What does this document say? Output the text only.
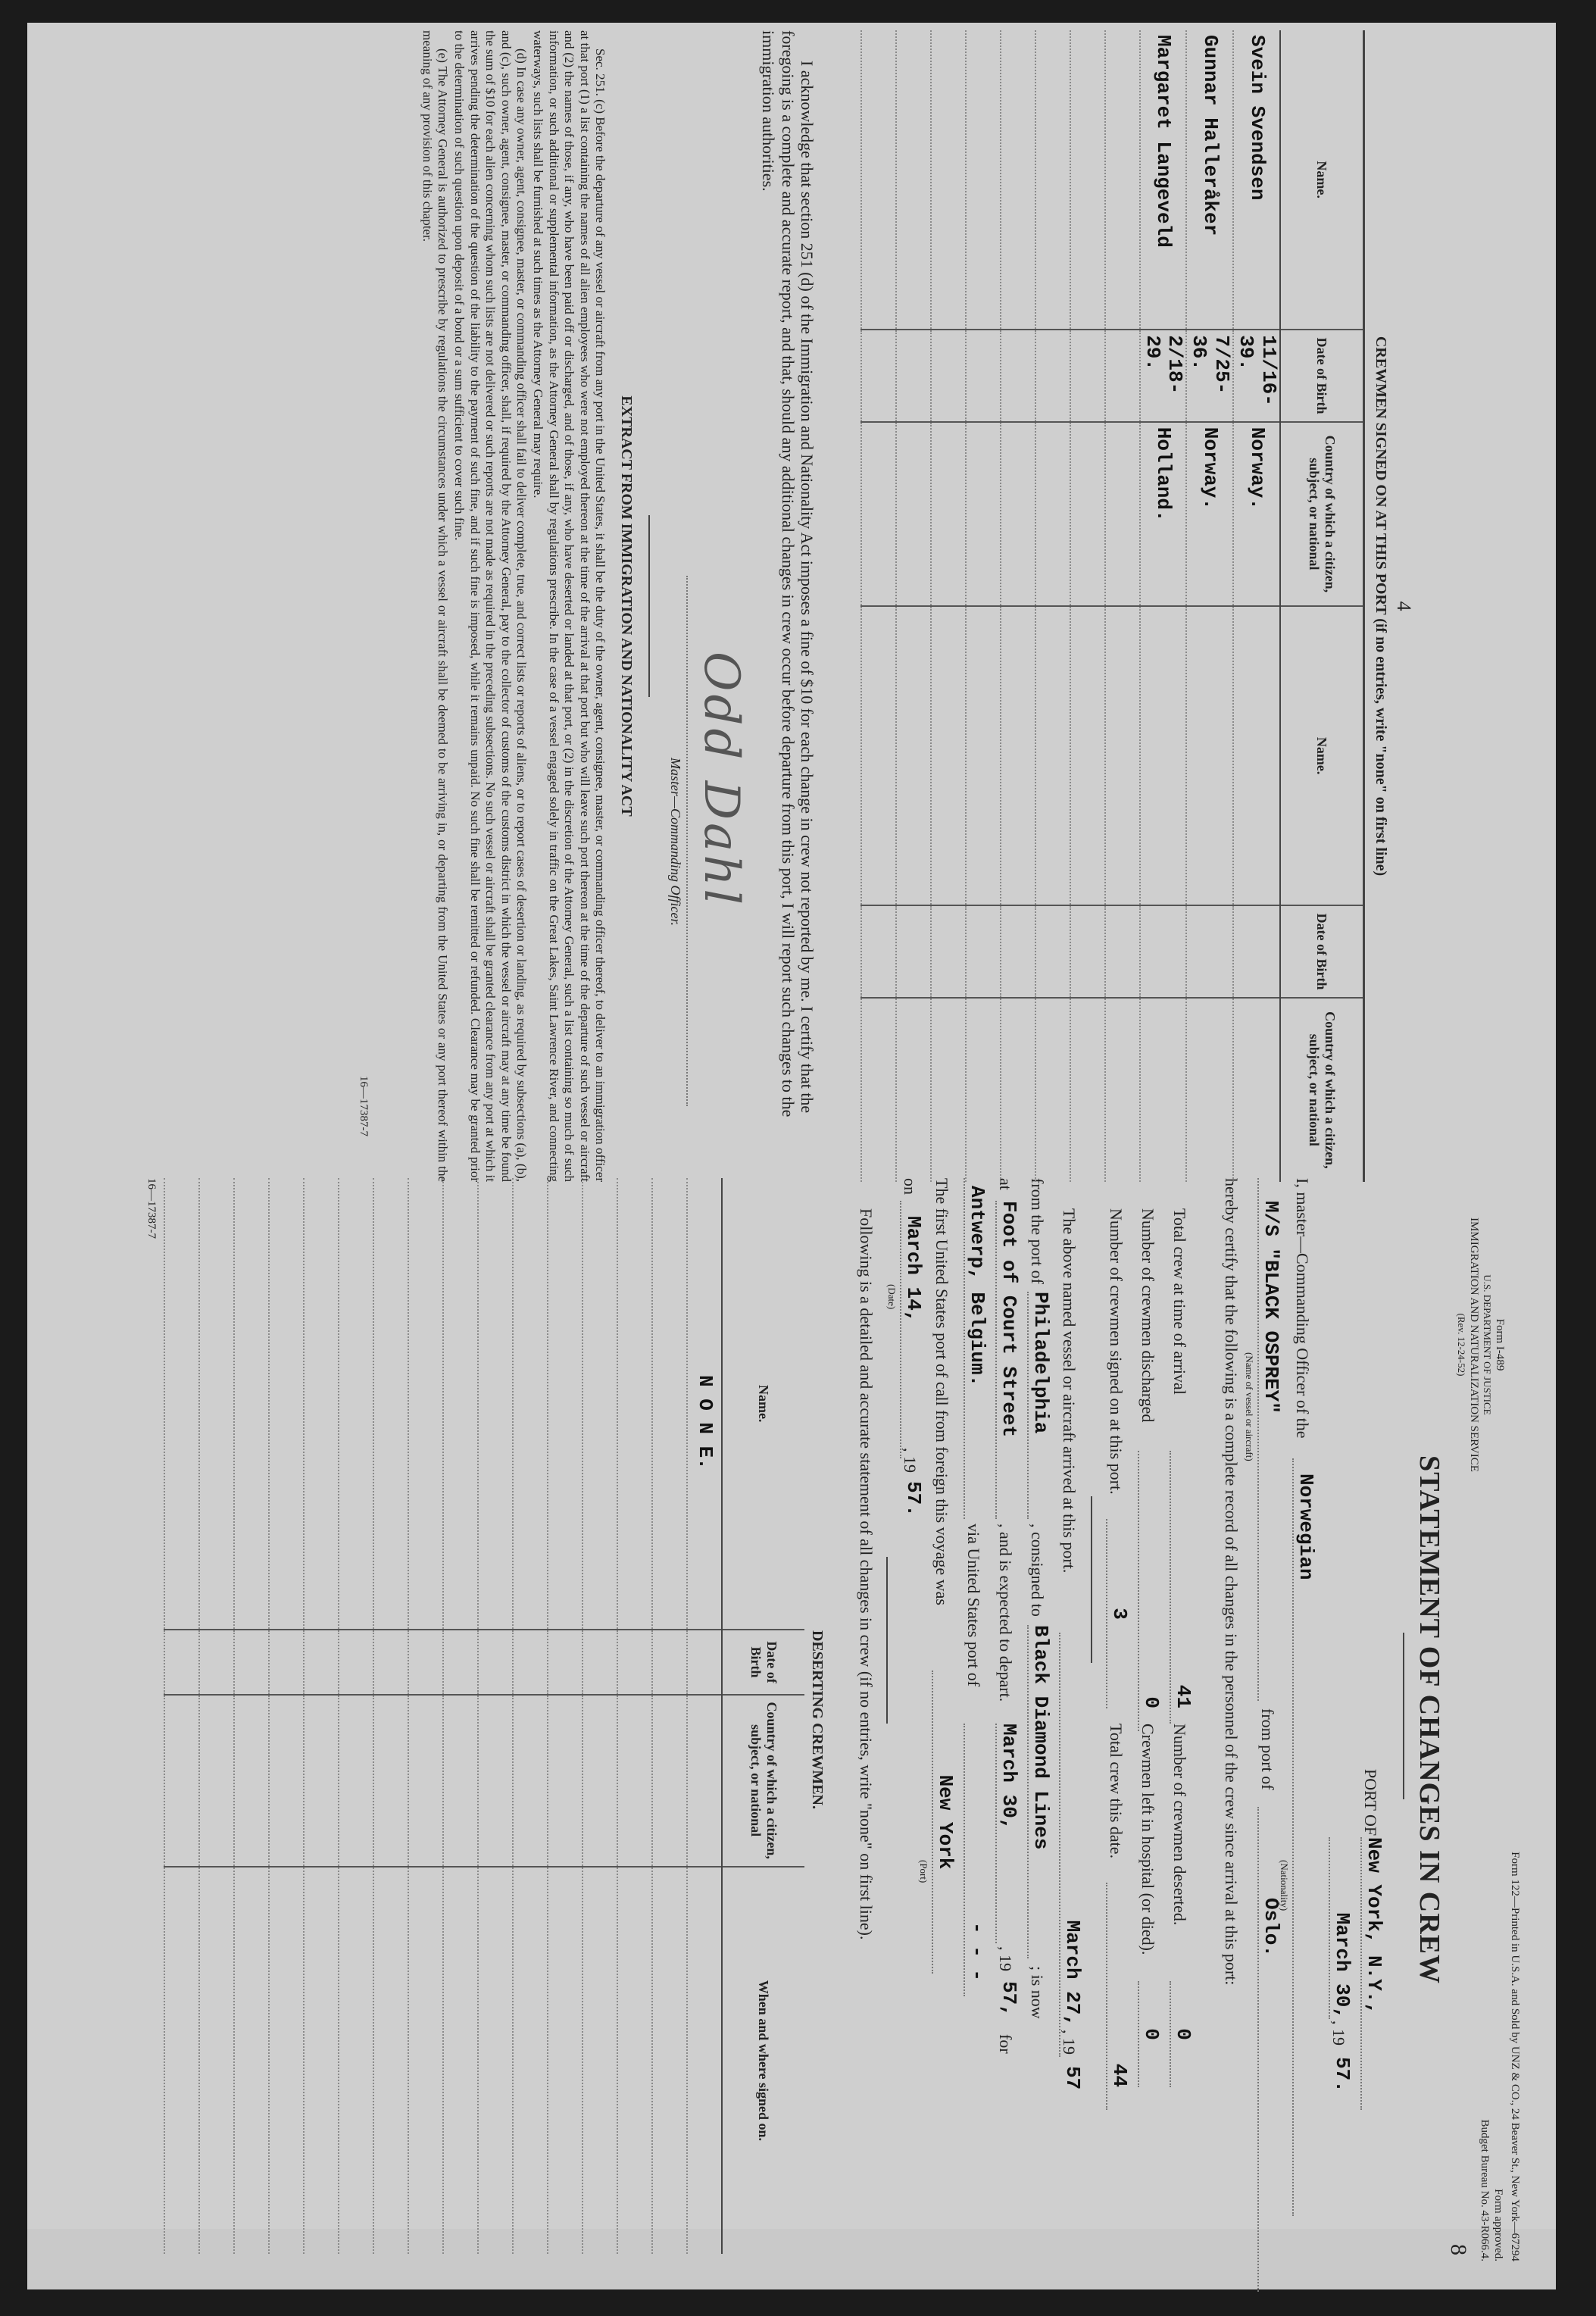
Form 122—Printed in U.S.A. and Sold by UNZ & CO., 24 Beaver St., New York—67294
Form I-489
U.S. DEPARTMENT OF JUSTICE
IMMIGRATION AND NATURALIZATION SERVICE
(Rev. 12-24-52)
Form approved.
Budget Bureau No. 43-R066.4.
8
STATEMENT OF CHANGES IN CREW
PORT OF
New York, N.Y.,
March 30,
, 19
57.
I, master—Commanding Officer of the
Norwegian
(Nationality)
M/S "BLACK OSPREY"
from port of
Oslo.
(Name of vessel or aircraft)
hereby certify that the following is a complete record of all changes in the personnel of the crew since arrival at this port:
Total crew at time of arrival
41
Number of crewmen deserted.
0
Number of crewmen discharged
0
Crewmen left in hospital (or died).
0
Number of crewmen signed on at this port.
3
Total crew this date.
44
The above named vessel or aircraft arrived at this port.
March 27,
, 19
57
from the port of
Philadelphia
, consigned to
Black Diamond Lines
; is now
at
Foot of Court Street
, and is expected to depart.
March 30,
, 19
57,
for
Antwerp, Belgium.
via United States port of
- - -
The first United States port of call from foreign this voyage was
New York
(Port)
on
March 14,
, 19
57.
(Date)
Following is a detailed and accurate statement of all changes in crew (if no entries, write "none" on first line).
DESERTING CREWMEN.
Name.	Date of Birth	Country of which a citizen, subject, or national	When and where signed on.
N O N E.			

16—17387-7
4
CREWMEN SIGNED ON AT THIS PORT (if no entries, write "none" on first line)
Name.	Date of Birth	Country of which a citizen, subject, or national	Name.	Date of Birth	Country of which a citizen, subject, or national
Svein Svendsen	11/16-39.	Norway.			
Gunnar Halleråker	7/25-36.	Norway.			
Margaret Langeveld	2/18-29.	Holland.			

I acknowledge that section 251 (d) of the Immigration and Nationality Act imposes a fine of $10 for each change in crew not reported by me. I certify that the foregoing is a complete and accurate report, and that, should any additional changes in crew occur before departure from this port, I will report such changes to the immigration authorities.
Odd Dahl
Master—Commanding Officer.
EXTRACT FROM IMMIGRATION AND NATIONALITY ACT

Sec. 251. (c) Before the departure of any vessel or aircraft from any port in the United States, it shall be the duty of the owner, agent, consignee, master, or commanding officer thereof, to deliver to an immigration officer at that port (1) a list containing the names of all alien employees who were not employed thereon at the time of the arrival at that port but who will leave such port thereon at the time of the departure of such vessel or aircraft and (2) the names of those, if any, who have been paid off or discharged, and of those, if any, who have deserted or landed at that port, or (2) in the discretion of the Attorney General, such a list containing so much of such information, or such additional or supplemental information, as the Attorney General shall by regulations prescribe. In the case of a vessel engaged solely in traffic on the Great Lakes, Saint Lawrence River, and connecting waterways, such lists shall be furnished at such times as the Attorney General may require.

(d) In case any owner, agent, consignee, master, or commanding officer shall fail to deliver complete, true, and correct lists or reports of aliens, or to report cases of desertion or landing, as required by subsections (a), (b), and (c), such owner, agent, consignee, master, or commanding officer, shall, if required by the Attorney General, pay to the collector of customs of the customs district in which the vessel or aircraft may at any time be found the sum of $10 for each alien concerning whom such lists are not delivered or such reports are not made as required in the preceding subsections. No such vessel or aircraft shall be granted clearance from any port at which it arrives pending the determination of the question of the liability to the payment of such fine, and if such fine is imposed, while it remains unpaid. No such fine shall be remitted or refunded. Clearance may be granted prior to the determination of such question upon deposit of a bond or a sum sufficient to cover such fine.

(e) The Attorney General is authorized to prescribe by regulations the circumstances under which a vessel or aircraft shall be deemed to be arriving in, or departing from the United States or any port thereof within the meaning of any provision of this chapter.

16—17387-7
